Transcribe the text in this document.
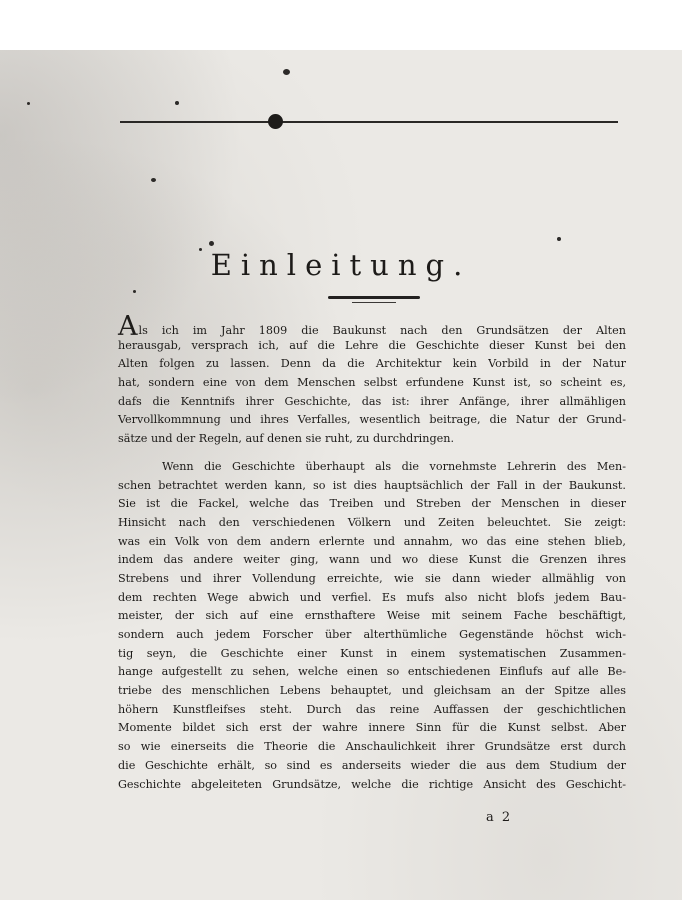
Einleitung.
Als ich im Jahr 1809 die Baukunst nach den Grundsätzen der Alten
herausgab, versprach ich, auf die Lehre die Geschichte dieser Kunst bei den
Alten folgen zu lassen. Denn da die Architektur kein Vorbild in der Natur
hat, sondern eine von dem Menschen selbst erfundene Kunst ist, so scheint es,
dafs die Kenntnifs ihrer Geschichte, das ist: ihrer Anfänge, ihrer allmähligen
Vervollkommnung und ihres Verfalles, wesentlich beitrage, die Natur der Grund-
sätze und der Regeln, auf denen sie ruht, zu durchdringen.
Wenn die Geschichte überhaupt als die vornehmste Lehrerin des Men-
schen betrachtet werden kann, so ist dies hauptsächlich der Fall in der Baukunst.
Sie ist die Fackel, welche das Treiben und Streben der Menschen in dieser
Hinsicht nach den verschiedenen Völkern und Zeiten beleuchtet. Sie zeigt:
was ein Volk von dem andern erlernte und annahm, wo das eine stehen blieb,
indem das andere weiter ging, wann und wo diese Kunst die Grenzen ihres
Strebens und ihrer Vollendung erreichte, wie sie dann wieder allmählig von
dem rechten Wege abwich und verfiel. Es mufs also nicht blofs jedem Bau-
meister, der sich auf eine ernsthaftere Weise mit seinem Fache beschäftigt,
sondern auch jedem Forscher über alterthümliche Gegenstände höchst wich-
tig seyn, die Geschichte einer Kunst in einem systematischen Zusammen-
hange aufgestellt zu sehen, welche einen so entschiedenen Einflufs auf alle Be-
triebe des menschlichen Lebens behauptet, und gleichsam an der Spitze alles
höhern Kunstfleifses steht. Durch das reine Auffassen der geschichtlichen
Momente bildet sich erst der wahre innere Sinn für die Kunst selbst. Aber
so wie einerseits die Theorie die Anschaulichkeit ihrer Grundsätze erst durch
die Geschichte erhält, so sind es anderseits wieder die aus dem Studium der
Geschichte abgeleiteten Grundsätze, welche die richtige Ansicht des Geschicht-
a 2
